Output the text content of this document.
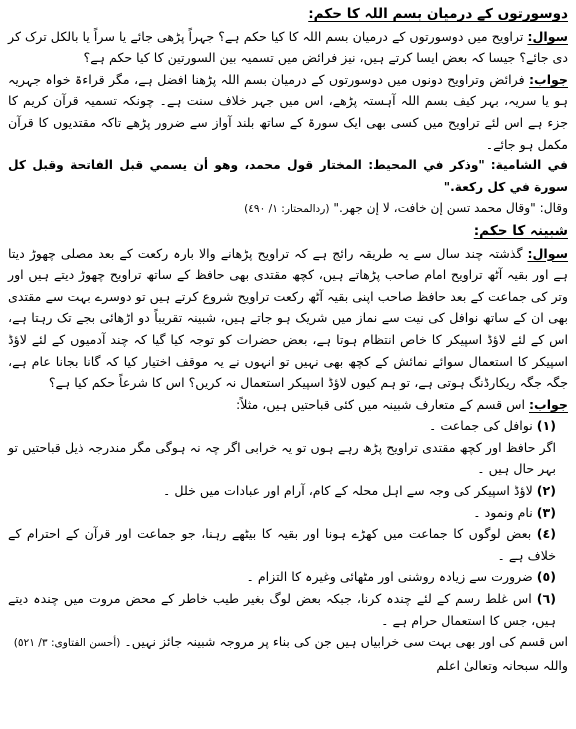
دوسورتوں کے درمیان بسم اللہ کا حکم:

سوال: تراویح میں دوسورتوں کے درمیان بسم اللہ کا کیا حکم ہے؟ جہراً پڑھی جائے یا سراً یا بالکل ترک کر دی جائے؟ جیسا کہ بعض ایسا کرتے ہیں، نیز فرائض میں تسمیہ بین السورتین کا کیا حکم ہے؟

جواب: فرائض وتراویح دونوں میں دوسورتوں کے درمیان بسم اللہ پڑھنا افضل ہے، مگر قراءۃ خواہ جہریہ ہو یا سریہ، بہر کیف بسم اللہ آہستہ پڑھے، اس میں جہر خلاف سنت ہے۔ چونکہ تسمیہ قرآن کریم کا جزء ہے اس لئے تراویح میں کسی بھی ایک سورۃ کے ساتھ بلند آواز سے ضرور پڑھے تاکہ مقتدیوں کا قرآن مکمل ہو جائے۔

في الشامية: "وذكر في المحيط: المختار قول محمد، وهو أن يسمي قبل الفاتحة وقبل كل سورة في كل ركعة."

وقال: "وقال محمد تسن إن خافت، لا إن جهر." (ردالمحتار: ١/ ٤٩٠)

شبینہ کا حکم:

سوال: گذشتہ چند سال سے یہ طریقہ رائج ہے کہ تراویح پڑھانے والا بارہ رکعت کے بعد مصلی چھوڑ دیتا ہے اور بقیہ آٹھ تراویح امام صاحب پڑھاتے ہیں، کچھ مقتدی بھی حافظ کے ساتھ تراویح چھوڑ دیتے ہیں اور وتر کی جماعت کے بعد حافظ صاحب اپنی بقیہ آٹھ رکعت تراویح شروع کرتے ہیں تو دوسرے بہت سے مقتدی بھی ان کے ساتھ نوافل کی نیت سے نماز میں شریک ہو جاتے ہیں، شبینہ تقریباً دو اڑھائی بجے تک رہتا ہے، اس کے لئے لاؤڈ اسپیکر کا خاص انتظام ہوتا ہے، بعض حضرات کو توجہ کیا گیا کہ چند آدمیوں کے لئے لاؤڈ اسپیکر کا استعمال سوائے نمائش کے کچھ بھی نہیں تو انہوں نے یہ موقف اختیار کیا کہ گانا بجانا عام ہے، جگہ جگہ ریکارڈنگ ہوتی ہے، تو ہم کیوں لاؤڈ اسپیکر استعمال نہ کریں؟ اس کا شرعاً حکم کیا ہے؟

جواب: اس قسم کے متعارف شبینہ میں کئی قباحتیں ہیں، مثلاً:

(١) نوافل کی جماعت ۔
اگر حافظ اور کچھ مقتدی تراویح پڑھ رہے ہوں تو یہ خرابی اگر چہ نہ ہوگی مگر مندرجہ ذیل قباحتیں تو بہر حال ہیں ۔
(٢) لاؤڈ اسپیکر کی وجہ سے اہل محلہ کے کام، آرام اور عبادات میں خلل ۔
(٣) نام ونمود ۔
(٤) بعض لوگوں کا جماعت میں کھڑے ہونا اور بقیہ کا بیٹھے رہنا، جو جماعت اور قرآن کے احترام کے خلاف ہے ۔
(٥) ضرورت سے زیادہ روشنی اور مٹھائی وغیرہ کا التزام ۔
(٦) اس غلط رسم کے لئے چندہ کرنا، جبکہ بعض لوگ بغیر طیب خاطر کے محض مروت میں چندہ دیتے ہیں، جس کا استعمال حرام ہے ۔

اس قسم کی اور بھی بہت سی خرابیاں ہیں جن کی بناء پر مروجہ شبینہ جائز نہیں۔ (أحسن الفتاوى: ٣/ ٥٢١)

واللہ سبحانہ وتعالیٰ اعلم
